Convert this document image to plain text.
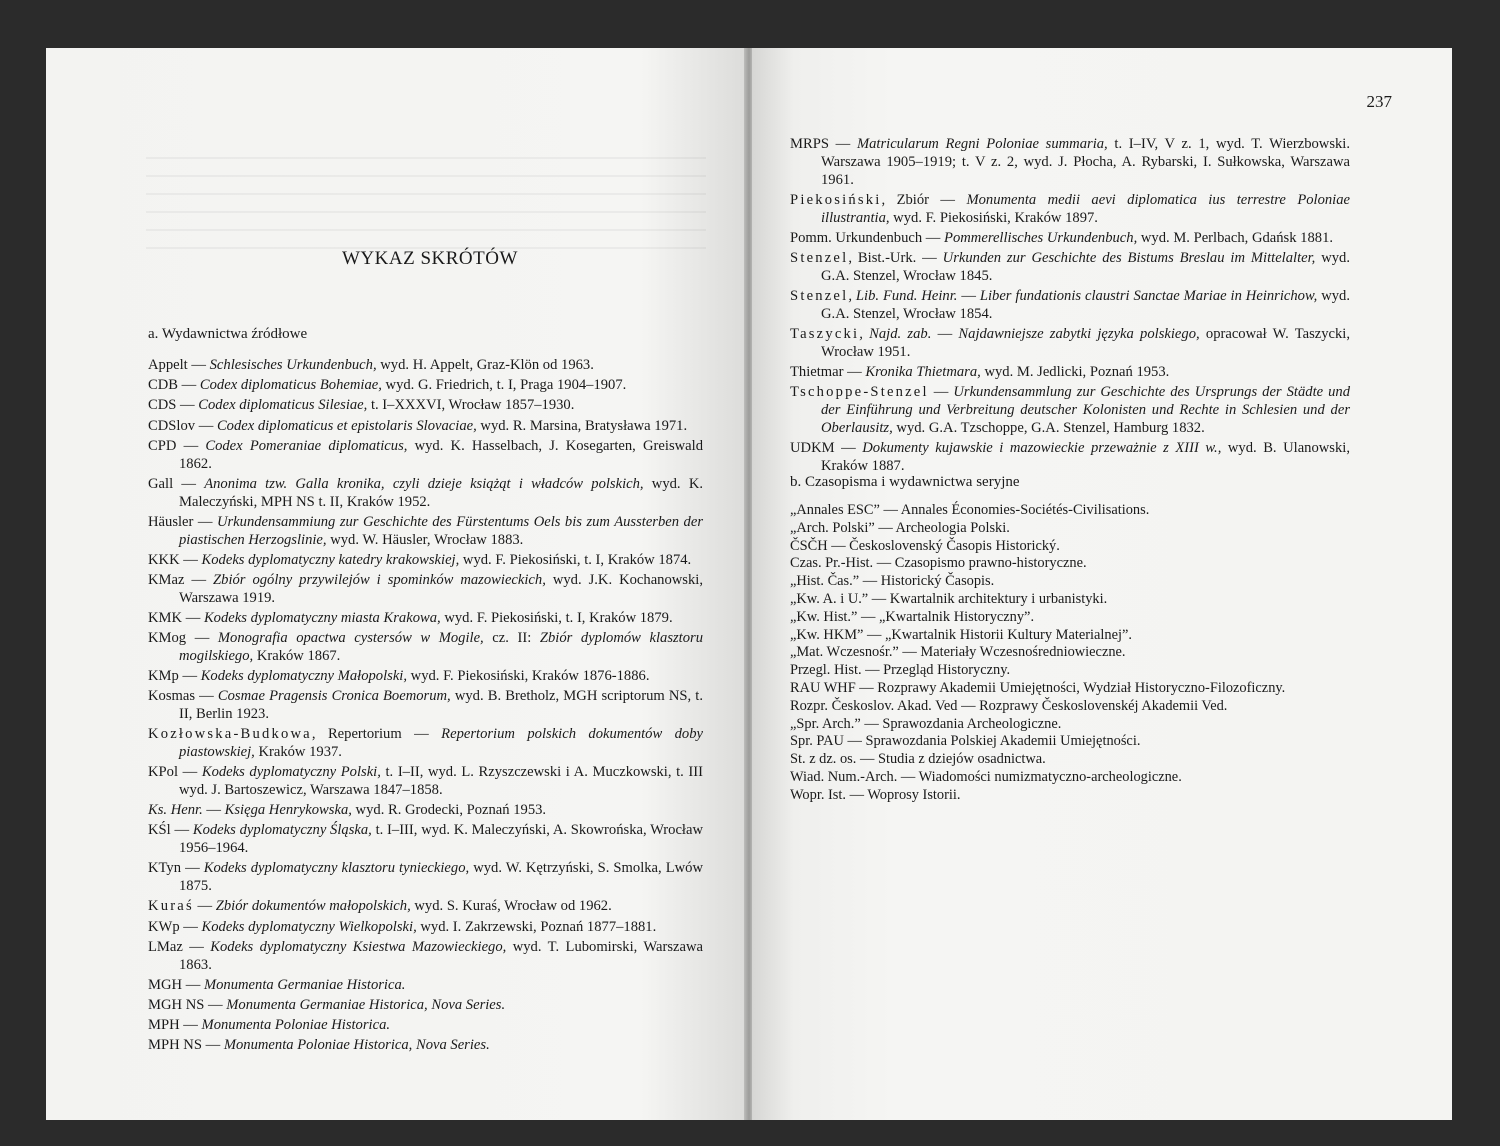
WYKAZ SKRÓTÓW
a. Wydawnictwa źródłowe
237
Appelt — Schlesisches Urkundenbuch, wyd. H. Appelt, Graz-Klön od 1963.
CDB — Codex diplomaticus Bohemiae, wyd. G. Friedrich, t. I, Praga 1904–1907.
CDS — Codex diplomaticus Silesiae, t. I–XXXVI, Wrocław 1857–1930.
CDSlov — Codex diplomaticus et epistolaris Slovaciae, wyd. R. Marsina, Bratysława 1971.
CPD — Codex Pomeraniae diplomaticus, wyd. K. Hasselbach, J. Kosegarten, Greiswald 1862.
Gall — Anonima tzw. Galla kronika, czyli dzieje książąt i władców polskich, wyd. K. Maleczyński, MPH NS t. II, Kraków 1952.
Häusler — Urkundensammiung zur Geschichte des Fürstentums Oels bis zum Aussterben der piastischen Herzogslinie, wyd. W. Häusler, Wrocław 1883.
KKK — Kodeks dyplomatyczny katedry krakowskiej, wyd. F. Piekosiński, t. I, Kraków 1874.
KMaz — Zbiór ogólny przywilejów i spominków mazowieckich, wyd. J.K. Kochanowski, Warszawa 1919.
KMK — Kodeks dyplomatyczny miasta Krakowa, wyd. F. Piekosiński, t. I, Kraków 1879.
KMog — Monografia opactwa cystersów w Mogile, cz. II: Zbiór dyplomów klasztoru mogilskiego, Kraków 1867.
KMp — Kodeks dyplomatyczny Małopolski, wyd. F. Piekosiński, Kraków 1876-1886.
Kosmas — Cosmae Pragensis Cronica Boemorum, wyd. B. Bretholz, MGH scriptorum NS, t. II, Berlin 1923.
Kozłowska-Budkowa, Repertorium — Repertorium polskich dokumentów doby piastowskiej, Kraków 1937.
KPol — Kodeks dyplomatyczny Polski, t. I–II, wyd. L. Rzyszczewski i A. Muczkowski, t. III wyd. J. Bartoszewicz, Warszawa 1847–1858.
Ks. Henr. — Księga Henrykowska, wyd. R. Grodecki, Poznań 1953.
KŚl — Kodeks dyplomatyczny Śląska, t. I–III, wyd. K. Maleczyński, A. Skowrońska, Wrocław 1956–1964.
KTyn — Kodeks dyplomatyczny klasztoru tynieckiego, wyd. W. Kętrzyński, S. Smolka, Lwów 1875.
Kuraś — Zbiór dokumentów małopolskich, wyd. S. Kuraś, Wrocław od 1962.
KWp — Kodeks dyplomatyczny Wielkopolski, wyd. I. Zakrzewski, Poznań 1877–1881.
LMaz — Kodeks dyplomatyczny Ksiestwa Mazowieckiego, wyd. T. Lubomirski, Warszawa 1863.
MGH — Monumenta Germaniae Historica.
MGH NS — Monumenta Germaniae Historica, Nova Series.
MPH — Monumenta Poloniae Historica.
MPH NS — Monumenta Poloniae Historica, Nova Series.
MRPS — Matricularum Regni Poloniae summaria, t. I–IV, V z. 1, wyd. T. Wierzbowski. Warszawa 1905–1919; t. V z. 2, wyd. J. Płocha, A. Rybarski, I. Sułkowska, Warszawa 1961.
Piekosiński, Zbiór — Monumenta medii aevi diplomatica ius terrestre Poloniae illustrantia, wyd. F. Piekosiński, Kraków 1897.
Pomm. Urkundenbuch — Pommerellisches Urkundenbuch, wyd. M. Perlbach, Gdańsk 1881.
Stenzel, Bist.-Urk. — Urkunden zur Geschichte des Bistums Breslau im Mittelalter, wyd. G.A. Stenzel, Wrocław 1845.
Stenzel, Lib. Fund. Heinr. — Liber fundationis claustri Sanctae Mariae in Heinrichow, wyd. G.A. Stenzel, Wrocław 1854.
Taszycki, Najd. zab. — Najdawniejsze zabytki języka polskiego, opracował W. Taszycki, Wrocław 1951.
Thietmar — Kronika Thietmara, wyd. M. Jedlicki, Poznań 1953.
Tschoppe-Stenzel — Urkundensammlung zur Geschichte des Ursprungs der Städte und der Einführung und Verbreitung deutscher Kolonisten und Rechte in Schlesien und der Oberlausitz, wyd. G.A. Tzschoppe, G.A. Stenzel, Hamburg 1832.
UDKM — Dokumenty kujawskie i mazowieckie przeważnie z XIII w., wyd. B. Ulanowski, Kraków 1887.
b. Czasopisma i wydawnictwa seryjne
„Annales ESC” — Annales Économies-Sociétés-Civilisations.
„Arch. Polski” — Archeologia Polski.
ČSČH — Československý Časopis Historický.
Czas. Pr.-Hist. — Czasopismo prawno-historyczne.
„Hist. Čas.” — Historický Časopis.
„Kw. A. i U.” — Kwartalnik architektury i urbanistyki.
„Kw. Hist.” — „Kwartalnik Historyczny”.
„Kw. HKM” — „Kwartalnik Historii Kultury Materialnej”.
„Mat. Wczesnośr.” — Materiały Wczesnośredniowieczne.
Przegl. Hist. — Przegląd Historyczny.
RAU WHF — Rozprawy Akademii Umiejętności, Wydział Historyczno-Filozoficzny.
Rozpr. Českoslov. Akad. Ved — Rozprawy Československéj Akademii Ved.
„Spr. Arch.” — Sprawozdania Archeologiczne.
Spr. PAU — Sprawozdania Polskiej Akademii Umiejętności.
St. z dz. os. — Studia z dziejów osadnictwa.
Wiad. Num.-Arch. — Wiadomości numizmatyczno-archeologiczne.
Wopr. Ist. — Woprosy Istorii.
